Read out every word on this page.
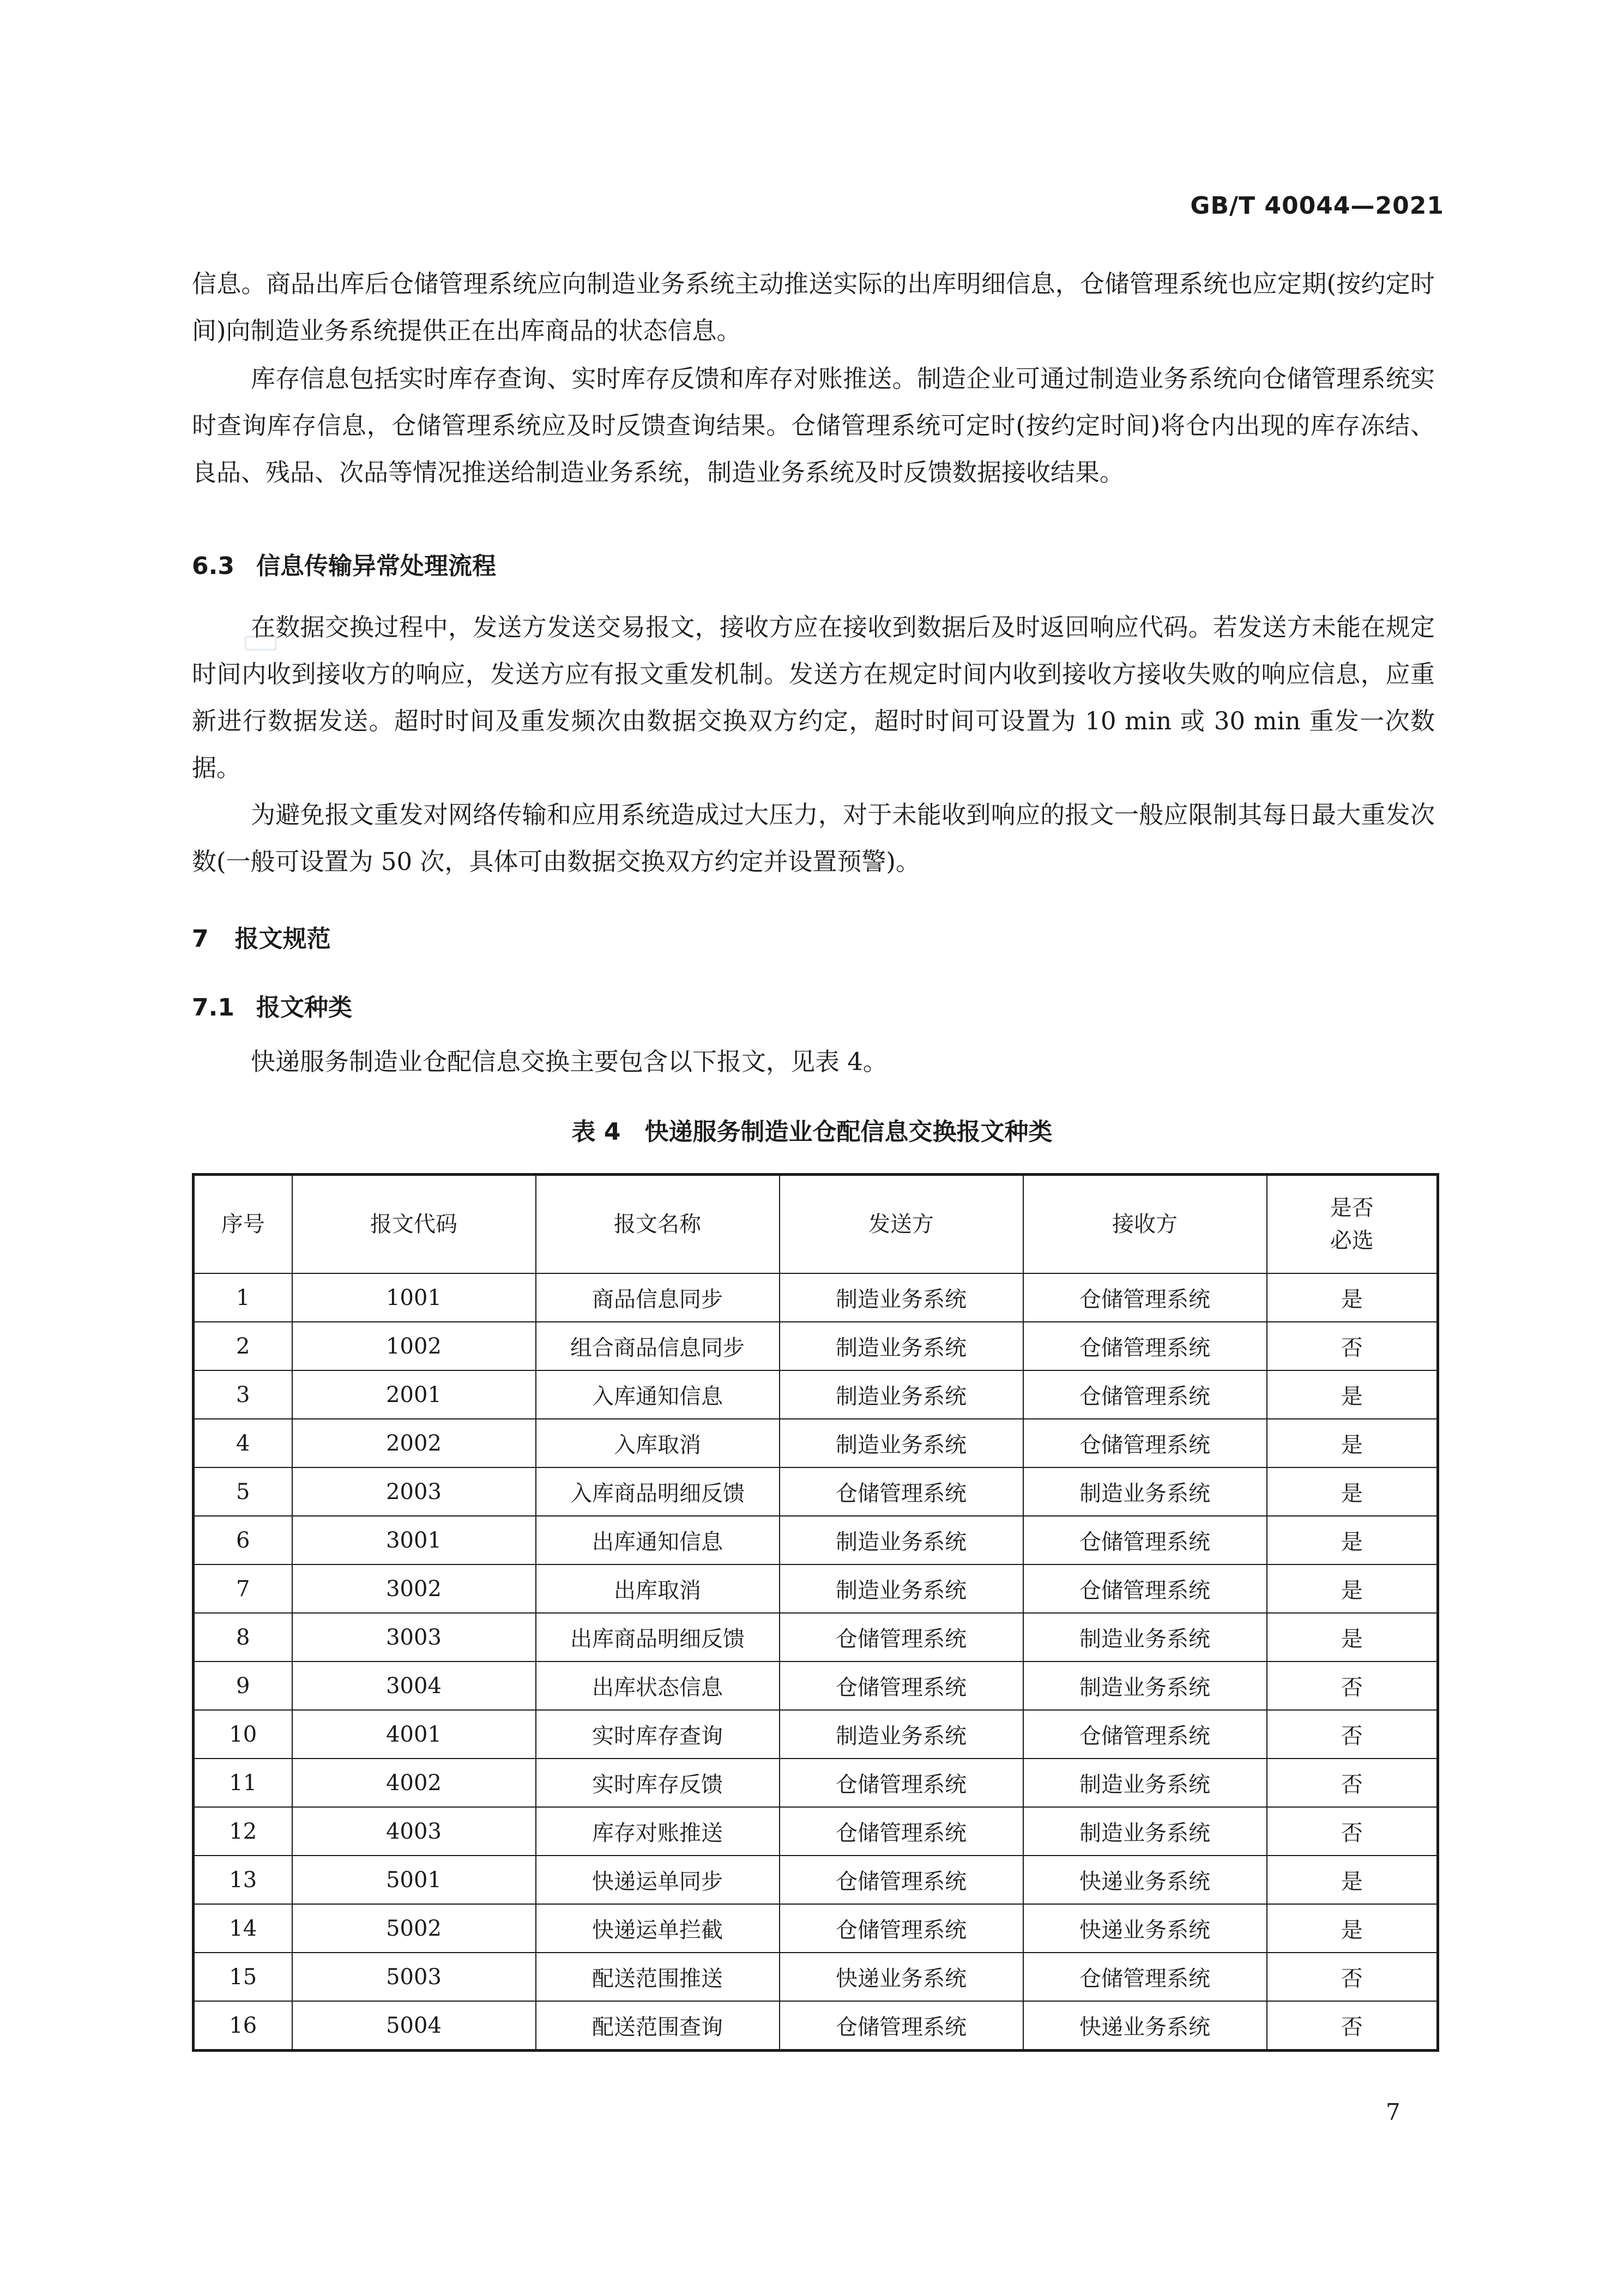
GB/T 40044—2021

信息。商品出库后仓储管理系统应向制造业务系统主动推送实际的出库明细信息，仓储管理系统也应定期(按约定时间)向制造业务系统提供正在出库商品的状态信息。

库存信息包括实时库存查询、实时库存反馈和库存对账推送。制造企业可通过制造业务系统向仓储管理系统实时查询库存信息，仓储管理系统应及时反馈查询结果。仓储管理系统可定时(按约定时间)将仓内出现的库存冻结、良品、残品、次品等情况推送给制造业务系统，制造业务系统及时反馈数据接收结果。

6.3 信息传输异常处理流程

在数据交换过程中，发送方发送交易报文，接收方应在接收到数据后及时返回响应代码。若发送方未能在规定时间内收到接收方的响应，发送方应有报文重发机制。发送方在规定时间内收到接收方接收失败的响应信息，应重新进行数据发送。超时时间及重发频次由数据交换双方约定，超时时间可设置为 10 min 或 30 min 重发一次数据。

为避免报文重发对网络传输和应用系统造成过大压力，对于未能收到响应的报文一般应限制其每日最大重发次数(一般可设置为 50 次，具体可由数据交换双方约定并设置预警)。

7 报文规范
7.1 报文种类

快递服务制造业仓配信息交换主要包含以下报文，见表 4。

表 4　快递服务制造业仓配信息交换报文种类

序号	报文代码	报文名称	发送方	接收方	是否
必选

1	1001	商品信息同步	制造业务系统	仓储管理系统	是
2	1002	组合商品信息同步	制造业务系统	仓储管理系统	否
3	2001	入库通知信息	制造业务系统	仓储管理系统	是
4	2002	入库取消	制造业务系统	仓储管理系统	是
5	2003	入库商品明细反馈	仓储管理系统	制造业务系统	是
6	3001	出库通知信息	制造业务系统	仓储管理系统	是
7	3002	出库取消	制造业务系统	仓储管理系统	是
8	3003	出库商品明细反馈	仓储管理系统	制造业务系统	是
9	3004	出库状态信息	仓储管理系统	制造业务系统	否
10	4001	实时库存查询	制造业务系统	仓储管理系统	否
11	4002	实时库存反馈	仓储管理系统	制造业务系统	否
12	4003	库存对账推送	仓储管理系统	制造业务系统	否
13	5001	快递运单同步	仓储管理系统	快递业务系统	是
14	5002	快递运单拦截	仓储管理系统	快递业务系统	是
15	5003	配送范围推送	快递业务系统	仓储管理系统	否
16	5004	配送范围查询	仓储管理系统	快递业务系统	否
7
